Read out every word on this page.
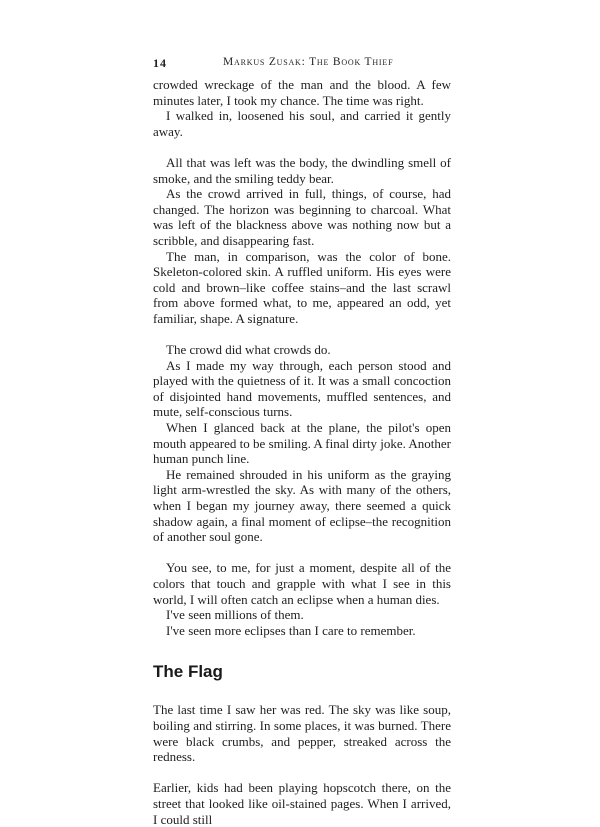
14	Markus Zusak: The Book Thief

crowded wreckage of the man and the blood. A few minutes later, I took my chance. The time was right.

I walked in, loosened his soul, and carried it gently away.

All that was left was the body, the dwindling smell of smoke, and the smiling teddy bear.

As the crowd arrived in full, things, of course, had changed. The horizon was beginning to charcoal. What was left of the blackness above was nothing now but a scribble, and disappearing fast.

The man, in comparison, was the color of bone. Skeleton-colored skin. A ruffled uniform. His eyes were cold and brown–like coffee stains–and the last scrawl from above formed what, to me, appeared an odd, yet familiar, shape. A signature.

The crowd did what crowds do.

As I made my way through, each person stood and played with the quietness of it. It was a small concoction of disjointed hand movements, muffled sentences, and mute, self-conscious turns.

When I glanced back at the plane, the pilot's open mouth appeared to be smiling. A final dirty joke. Another human punch line.

He remained shrouded in his uniform as the graying light arm-wrestled the sky. As with many of the others, when I began my journey away, there seemed a quick shadow again, a final moment of eclipse–the recognition of another soul gone.

You see, to me, for just a moment, despite all of the colors that touch and grapple with what I see in this world, I will often catch an eclipse when a human dies.

I've seen millions of them.

I've seen more eclipses than I care to remember.

The Flag

The last time I saw her was red. The sky was like soup, boiling and stirring. In some places, it was burned. There were black crumbs, and pepper, streaked across the redness.

Earlier, kids had been playing hopscotch there, on the street that looked like oil-stained pages. When I arrived, I could still
